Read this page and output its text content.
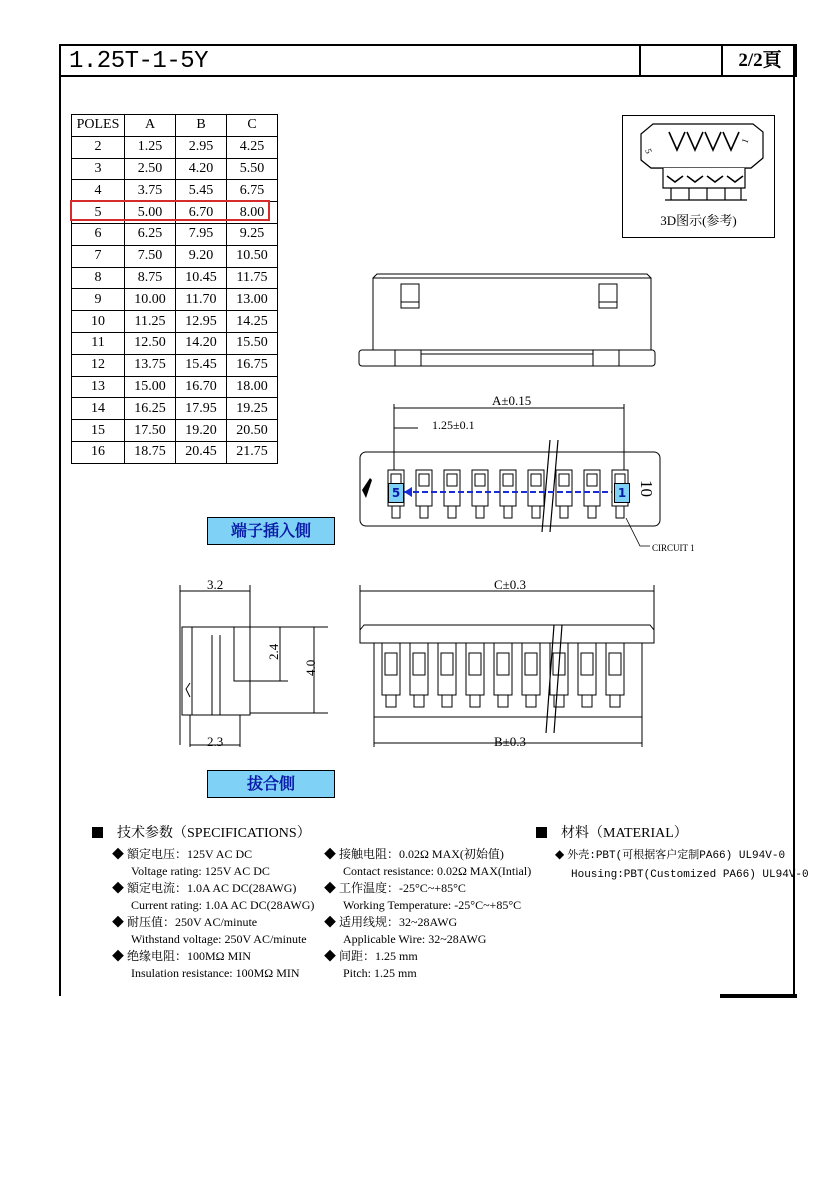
1.25T-1-5Y	2/2頁
POLES	A	B	C
2	1.25	2.95	4.25
3	2.50	4.20	5.50
4	3.75	5.45	6.75
5	5.00	6.70	8.00
6	6.25	7.95	9.25
7	7.50	9.20	10.50
8	8.75	10.45	11.75
9	10.00	11.70	13.00
10	11.25	12.95	14.25
11	12.50	14.20	15.50
12	13.75	15.45	16.75
13	15.00	16.70	18.00
14	16.25	17.95	19.25
15	17.50	19.20	20.50
16	18.75	20.45	21.75
5
1
3D图示(参考)
A±0.15
1.25±0.1
5	1 10
CIRCUIT 1
端子插入側
3.2
2.4
4.0
2.3
C±0.3
B±0.3
拔合側
技术参数（SPECIFICATIONS）
◆ 額定电压：125V AC DC
Voltage rating: 125V AC DC
◆ 額定电流：1.0A AC DC(28AWG)
Current rating: 1.0A AC DC(28AWG)
◆ 耐压值：250V AC/minute
Withstand voltage: 250V AC/minute
◆ 绝缘电阻：100MΩ MIN
Insulation resistance: 100MΩ MIN
◆ 接触电阻：0.02Ω MAX(初始值)
Contact resistance: 0.02Ω MAX(Intial)
◆ 工作温度：-25°C~+85°C
Working Temperature: -25°C~+85°C
◆ 适用线规：32~28AWG
Applicable Wire: 32~28AWG
◆ 间距：1.25 mm
Pitch: 1.25 mm
材料（MATERIAL）
◆ 外壳:PBT(可根据客户定制PA66) UL94V-0
Housing:PBT(Customized PA66) UL94V-0
